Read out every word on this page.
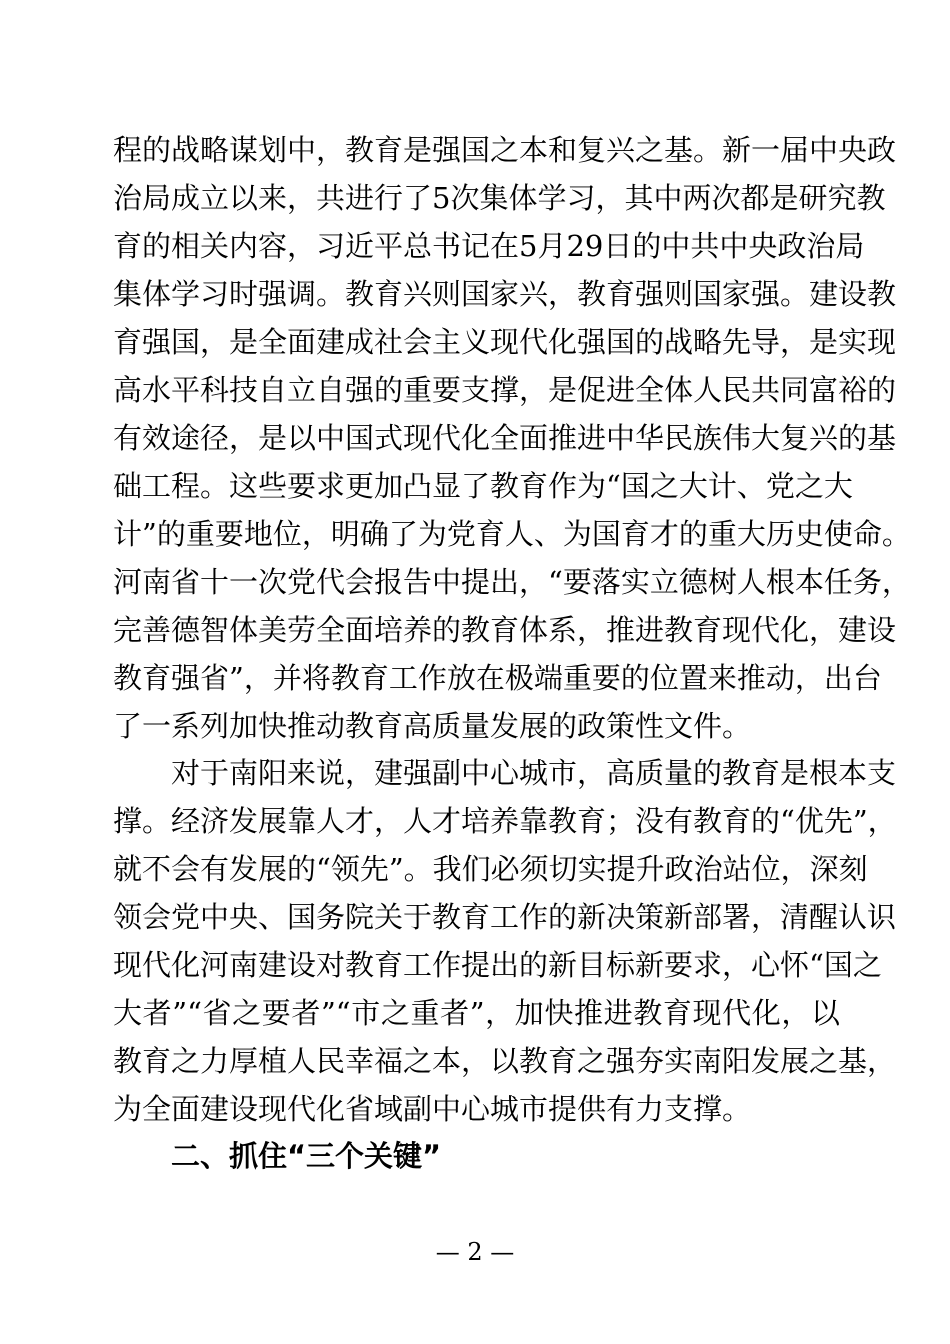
程的战略谋划中，教育是强国之本和复兴之基。新一届中央政
治局成立以来，共进行了5次集体学习，其中两次都是研究教
育的相关内容，习近平总书记在5月29日的中共中央政治局
集体学习时强调。教育兴则国家兴，教育强则国家强。建设教
育强国，是全面建成社会主义现代化强国的战略先导，是实现
高水平科技自立自强的重要支撑，是促进全体人民共同富裕的
有效途径，是以中国式现代化全面推进中华民族伟大复兴的基
础工程。这些要求更加凸显了教育作为“国之大计、党之大
计”的重要地位，明确了为党育人、为国育才的重大历史使命。
河南省十一次党代会报告中提出，“要落实立德树人根本任务，
完善德智体美劳全面培养的教育体系，推进教育现代化，建设
教育强省”，并将教育工作放在极端重要的位置来推动，出台
了一系列加快推动教育高质量发展的政策性文件。
对于南阳来说，建强副中心城市，高质量的教育是根本支
撑。经济发展靠人才，人才培养靠教育；没有教育的“优先”，
就不会有发展的“领先”。我们必须切实提升政治站位，深刻
领会党中央、国务院关于教育工作的新决策新部署，清醒认识
现代化河南建设对教育工作提出的新目标新要求，心怀“国之
大者”“省之要者”“市之重者”，加快推进教育现代化，以
教育之力厚植人民幸福之本，以教育之强夯实南阳发展之基，
为全面建设现代化省域副中心城市提供有力支撑。
二、抓住“三个关键”
— 2 —
